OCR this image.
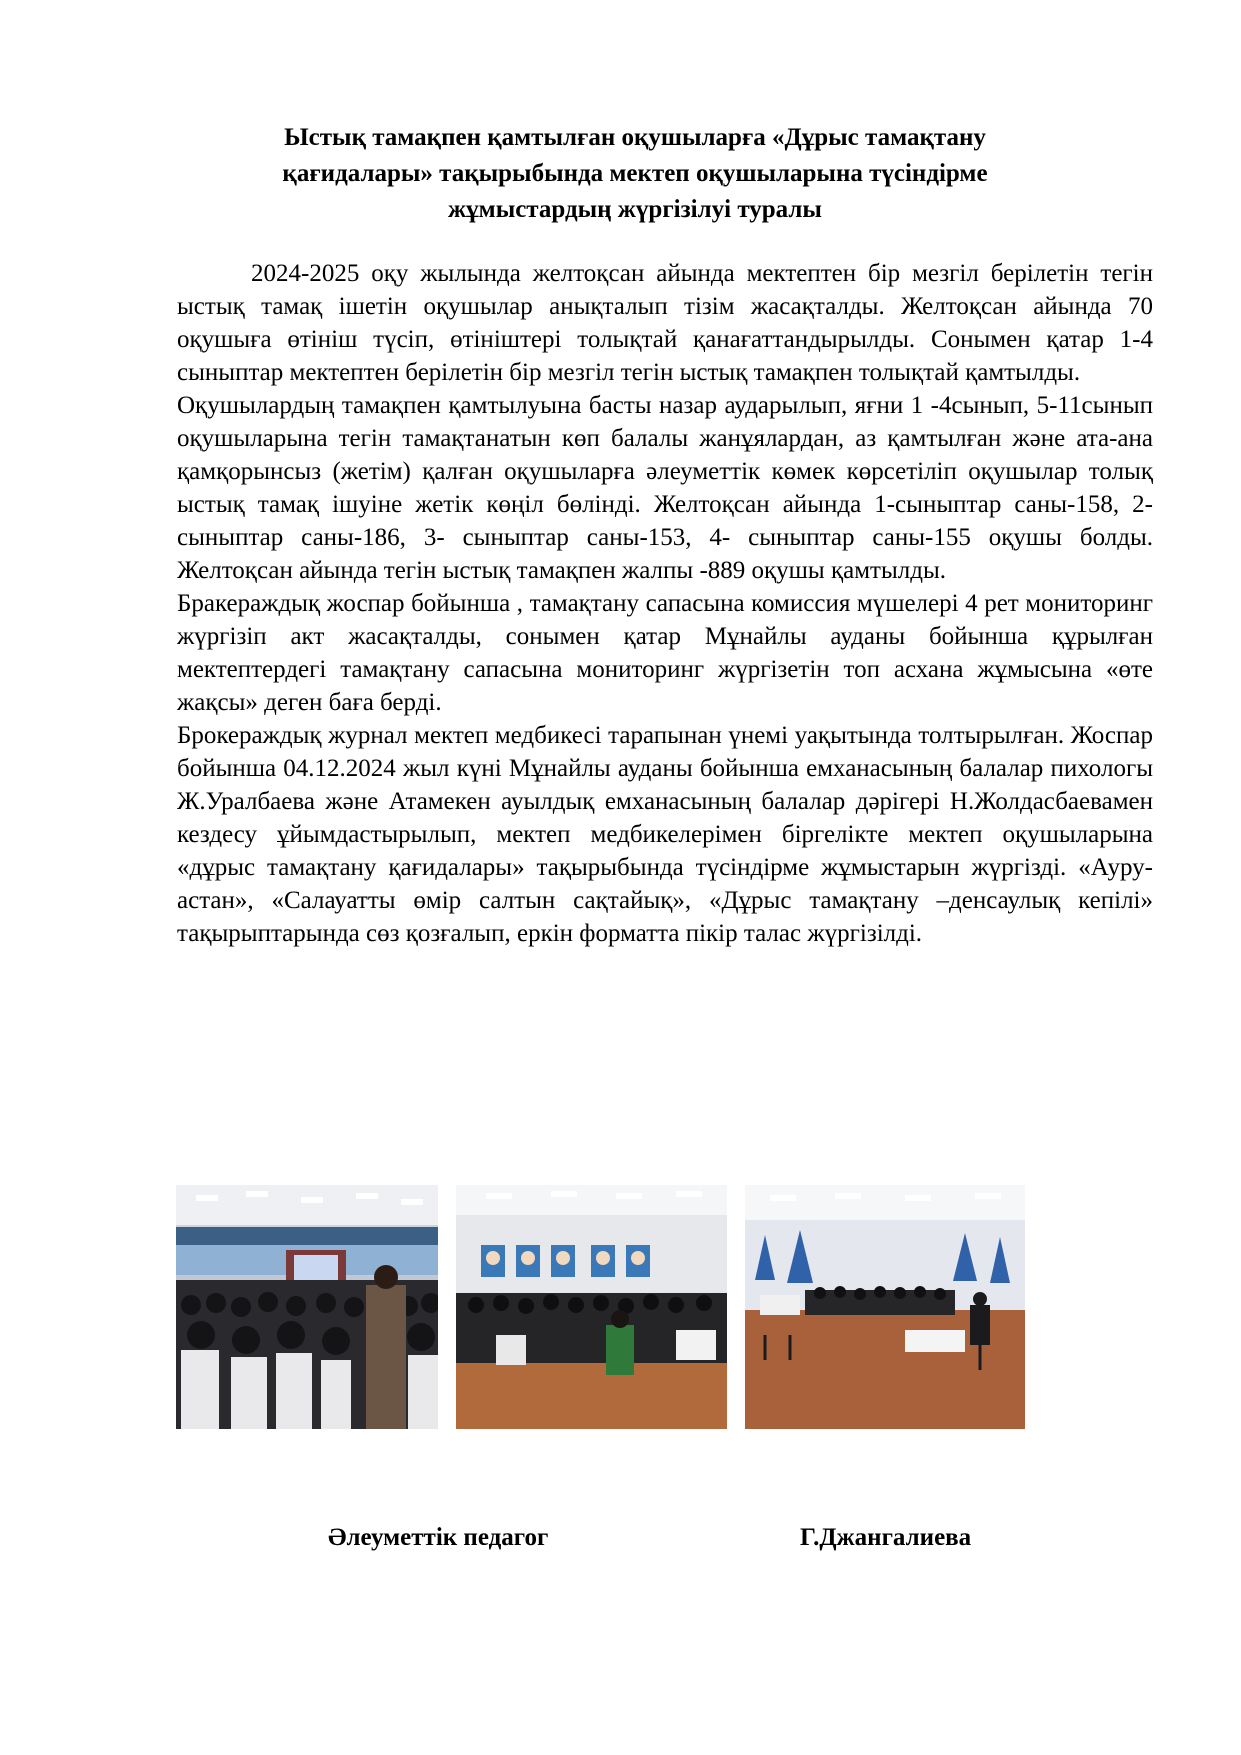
Ыстық тамақпен қамтылған оқушыларға «Дұрыс тамақтану
қағидалары» тақырыбында мектеп оқушыларына түсіндірме
жұмыстардың жүргізілуі туралы

2024-2025 оқу жылында желтоқсан айында мектептен бір мезгіл берілетін тегін ыстық тамақ ішетін оқушылар анықталып тізім жасақталды. Желтоқсан айында 70 оқушыға өтініш түсіп, өтініштері толықтай қанағаттандырылды. Сонымен қатар 1-4 сыныптар мектептен берілетін бір мезгіл тегін ыстық тамақпен толықтай қамтылды.

Оқушылардың тамақпен қамтылуына басты назар аударылып, яғни 1 -4сынып, 5-11сынып оқушыларына тегін тамақтанатын көп балалы жанұялардан, аз қамтылған және ата-ана қамқорынсыз (жетім) қалған оқушыларға әлеуметтік көмек көрсетіліп оқушылар толық ыстық тамақ ішуіне жетік көңіл бөлінді. Желтоқсан айында 1-сыныптар саны-158, 2-сыныптар саны-186, 3- сыныптар саны-153, 4- сыныптар саны-155 оқушы болды. Желтоқсан айында тегін ыстық тамақпен жалпы -889 оқушы қамтылды.

Бракераждық жоспар бойынша , тамақтану сапасына комиссия мүшелері 4 рет мониторинг жүргізіп акт жасақталды, сонымен қатар Мұнайлы ауданы бойынша құрылған мектептердегі тамақтану сапасына мониторинг жүргізетін топ асхана жұмысына «өте жақсы» деген баға берді.

Брокераждық журнал мектеп медбикесі тарапынан үнемі уақытында толтырылған. Жоспар бойынша 04.12.2024 жыл күні Мұнайлы ауданы бойынша емханасының балалар пихологы Ж.Уралбаева және Атамекен ауылдық емханасының балалар дәрігері Н.Жолдасбаевамен кездесу ұйымдастырылып, мектеп медбикелерімен біргелікте мектеп оқушыларына «дұрыс тамақтану қағидалары» тақырыбында түсіндірме жұмыстарын жүргізді. «Ауру-астан», «Салауатты өмір салтын сақтайық», «Дұрыс тамақтану –денсаулық кепілі» тақырыптарында сөз қозғалып, еркін форматта пікір талас жүргізілді.

Әлеуметтік педагог	Г.Джангалиева
